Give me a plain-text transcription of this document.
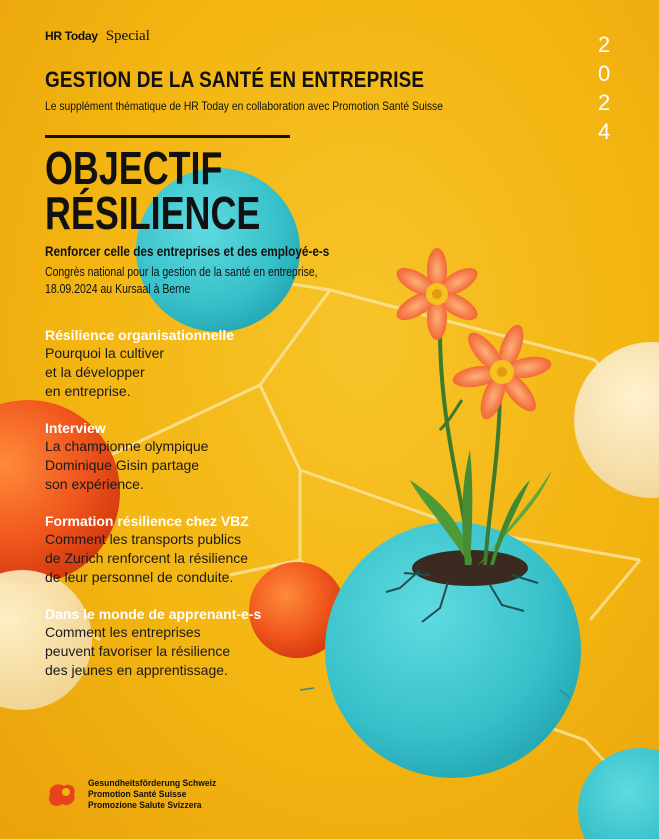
HR Today Special	2
0
2
4
GESTION DE LA SANTÉ EN ENTREPRISE
Le supplément thématique de HR Today en collaboration avec Promotion Santé Suisse
OBJECTIF
RÉSILIENCE
Renforcer celle des entreprises et des employé-e-s
Congrès national pour la gestion de la santé en entreprise,
18.09.2024 au Kursaal à Berne
Résilience organisationnelle
Pourquoi la cultiver
et la développer
en entreprise.
Interview
La championne olympique
Dominique Gisin partage
son expérience.
Formation résilience chez VBZ
Comment les transports publics
de Zurich renforcent la résilience
de leur personnel de conduite.
Dans le monde de apprenant-e-s
Comment les entreprises
peuvent favoriser la résilience
des jeunes en apprentissage.
Gesundheitsförderung Schweiz
Promotion Santé Suisse
Promozione Salute Svizzera
